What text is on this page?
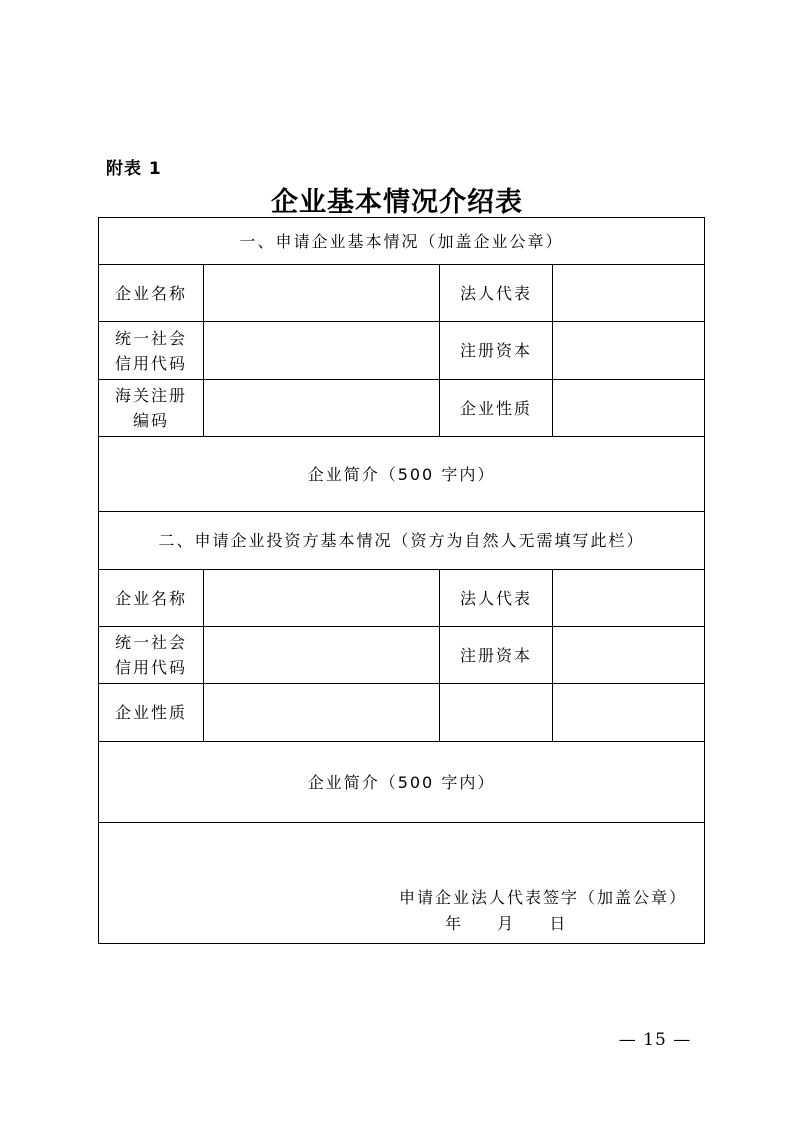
附表 1
企业基本情况介绍表
一、申请企业基本情况（加盖企业公章）			
企业名称		法人代表	
统一社会信用代码		注册资本	
海关注册编码		企业性质	
企业简介（500 字内）			
二、申请企业投资方基本情况（资方为自然人无需填写此栏）			
企业名称		法人代表	
统一社会信用代码		注册资本	
企业性质			
企业简介（500 字内）			

申请企业法人代表签字（加盖公章）
年 月 日			
— 15 —
